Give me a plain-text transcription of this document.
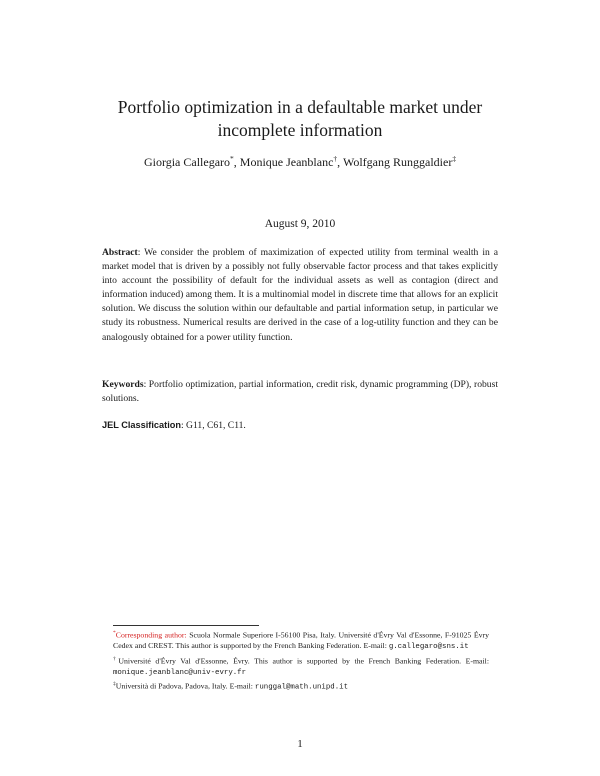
Portfolio optimization in a defaultable market under
incomplete information
Giorgia Callegaro*, Monique Jeanblanc†, Wolfgang Runggaldier‡
August 9, 2010
Abstract: We consider the problem of maximization of expected utility from terminal wealth in a market model that is driven by a possibly not fully observable factor process and that takes explicitly into account the possibility of default for the individual assets as well as contagion (direct and information induced) among them. It is a multinomial model in discrete time that allows for an explicit solution. We discuss the solution within our defaultable and partial information setup, in particular we study its robustness. Numerical results are derived in the case of a log-utility function and they can be analogously obtained for a power utility function.
Keywords: Portfolio optimization, partial information, credit risk, dynamic programming (DP), robust solutions.
JEL Classification: G11, C61, C11.
*Corresponding author: Scuola Normale Superiore I-56100 Pisa, Italy. Université d'Évry Val d'Essonne, F-91025 Évry Cedex and CREST. This author is supported by the French Banking Federation. E-mail: g.callegaro@sns.it
†Université d'Évry Val d'Essonne, Évry. This author is supported by the French Banking Federation. E-mail: monique.jeanblanc@univ-evry.fr
‡Università di Padova, Padova, Italy. E-mail: runggal@math.unipd.it
1
